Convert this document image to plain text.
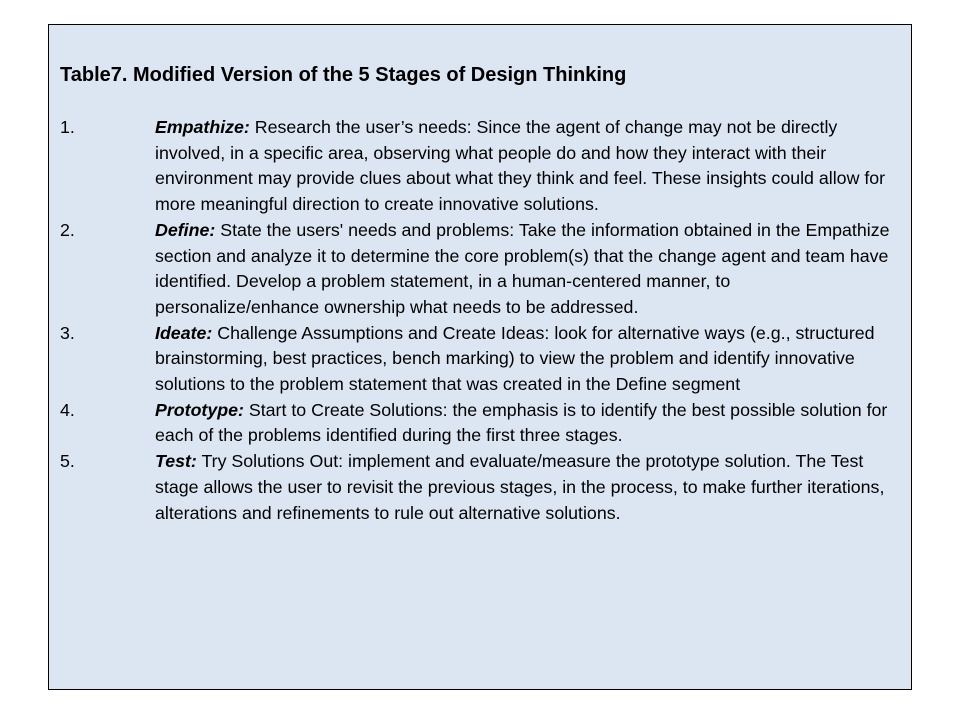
Table7. Modified Version of the 5 Stages of Design Thinking
1.	Empathize: Research the user’s needs: Since the agent of change may not be directly involved, in a specific area, observing what people do and how they interact with their environment may provide clues about what they think and feel. These insights could allow for more meaningful direction to create innovative solutions.
2.	Define: State the users' needs and problems: Take the information obtained in the Empathize section and analyze it to determine the core problem(s) that the change agent and team have identified. Develop a problem statement, in a human-centered manner, to personalize/enhance ownership what needs to be addressed.
3.	Ideate: Challenge Assumptions and Create Ideas: look for alternative ways (e.g., structured brainstorming, best practices, bench marking) to view the problem and identify innovative solutions to the problem statement that was created in the Define segment
4.	Prototype: Start to Create Solutions: the emphasis is to identify the best possible solution for each of the problems identified during the first three stages.
5.	Test: Try Solutions Out: implement and evaluate/measure the prototype solution. The Test stage allows the user to revisit the previous stages, in the process, to make further iterations, alterations and refinements to rule out alternative solutions.
